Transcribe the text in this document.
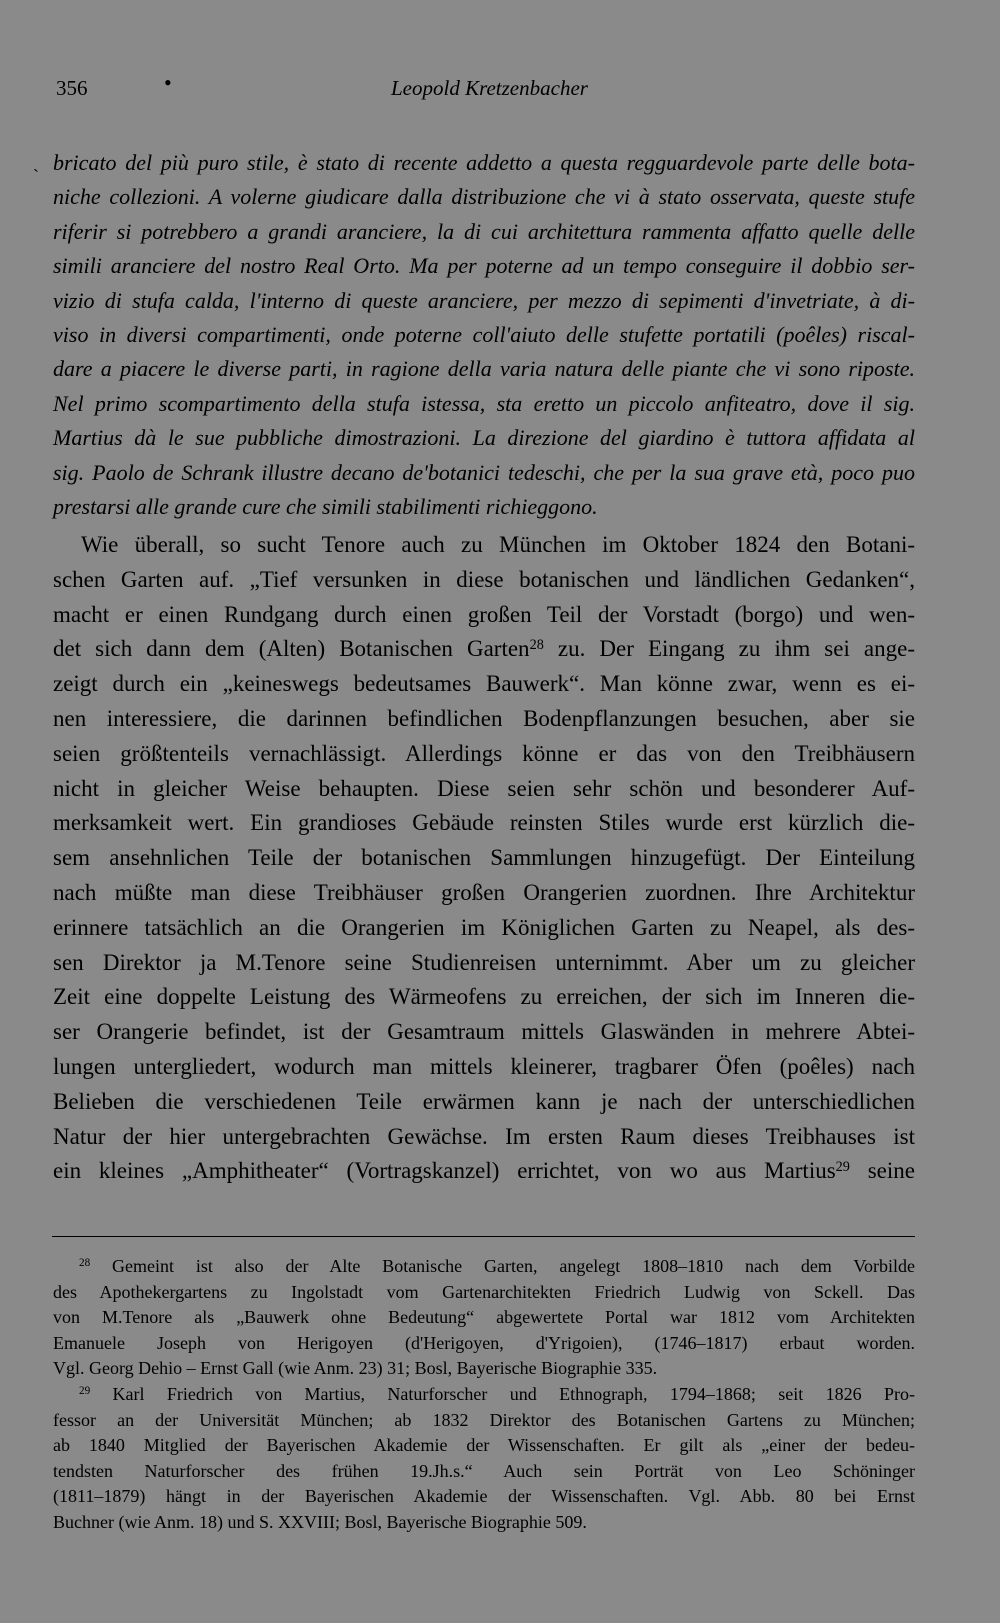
356	•	Leopold Kretzenbacher
`
bricato del più puro stile, è stato di recente addetto a questa regguardevole parte delle bota-
niche collezioni. A volerne giudicare dalla distribuzione che vi à stato osservata, queste stufe
riferir si potrebbero a grandi aranciere, la di cui architettura rammenta affatto quelle delle
simili aranciere del nostro Real Orto. Ma per poterne ad un tempo conseguire il dobbio ser-
vizio di stufa calda, l'interno di queste aranciere, per mezzo di sepimenti d'invetriate, à di-
viso in diversi compartimenti, onde poterne coll'aiuto delle stufette portatili (poêles) riscal-
dare a piacere le diverse parti, in ragione della varia natura delle piante che vi sono riposte.
Nel primo scompartimento della stufa istessa, sta eretto un piccolo anfiteatro, dove il sig.
Martius dà le sue pubbliche dimostrazioni. La direzione del giardino è tuttora affidata al
sig. Paolo de Schrank illustre decano de'botanici tedeschi, che per la sua grave età, poco puo
prestarsi alle grande cure che simili stabilimenti richieggono.
Wie überall, so sucht Tenore auch zu München im Oktober 1824 den Botani-
schen Garten auf. „Tief versunken in diese botanischen und ländlichen Gedanken“,
macht er einen Rundgang durch einen großen Teil der Vorstadt (borgo) und wen-
det sich dann dem (Alten) Botanischen Garten$^{28}$ zu. Der Eingang zu ihm sei ange-
zeigt durch ein „keineswegs bedeutsames Bauwerk“. Man könne zwar, wenn es ei-
nen interessiere, die darinnen befindlichen Bodenpflanzungen besuchen, aber sie
seien größtenteils vernachlässigt. Allerdings könne er das von den Treibhäusern
nicht in gleicher Weise behaupten. Diese seien sehr schön und besonderer Auf-
merksamkeit wert. Ein grandioses Gebäude reinsten Stiles wurde erst kürzlich die-
sem ansehnlichen Teile der botanischen Sammlungen hinzugefügt. Der Einteilung
nach müßte man diese Treibhäuser großen Orangerien zuordnen. Ihre Architektur
erinnere tatsächlich an die Orangerien im Königlichen Garten zu Neapel, als des-
sen Direktor ja M.Tenore seine Studienreisen unternimmt. Aber um zu gleicher
Zeit eine doppelte Leistung des Wärmeofens zu erreichen, der sich im Inneren die-
ser Orangerie befindet, ist der Gesamtraum mittels Glaswänden in mehrere Abtei-
lungen untergliedert, wodurch man mittels kleinerer, tragbarer Öfen (poêles) nach
Belieben die verschiedenen Teile erwärmen kann je nach der unterschiedlichen
Natur der hier untergebrachten Gewächse. Im ersten Raum dieses Treibhauses ist
ein kleines „Amphitheater“ (Vortragskanzel) errichtet, von wo aus Martius$^{29}$ seine
$^{28}$ Gemeint ist also der Alte Botanische Garten, angelegt 1808–1810 nach dem Vorbilde
des Apothekergartens zu Ingolstadt vom Gartenarchitekten Friedrich Ludwig von Sckell. Das
von M.Tenore als „Bauwerk ohne Bedeutung“ abgewertete Portal war 1812 vom Architekten
Emanuele Joseph von Herigoyen (d'Herigoyen, d'Yrigoien), (1746–1817) erbaut worden.
Vgl. Georg Dehio – Ernst Gall (wie Anm. 23) 31; Bosl, Bayerische Biographie 335.
$^{29}$ Karl Friedrich von Martius, Naturforscher und Ethnograph, 1794–1868; seit 1826 Pro-
fessor an der Universität München; ab 1832 Direktor des Botanischen Gartens zu München;
ab 1840 Mitglied der Bayerischen Akademie der Wissenschaften. Er gilt als „einer der bedeu-
tendsten Naturforscher des frühen 19.Jh.s.“ Auch sein Porträt von Leo Schöninger
(1811–1879) hängt in der Bayerischen Akademie der Wissenschaften. Vgl. Abb. 80 bei Ernst
Buchner (wie Anm. 18) und S. XXVIII; Bosl, Bayerische Biographie 509.
